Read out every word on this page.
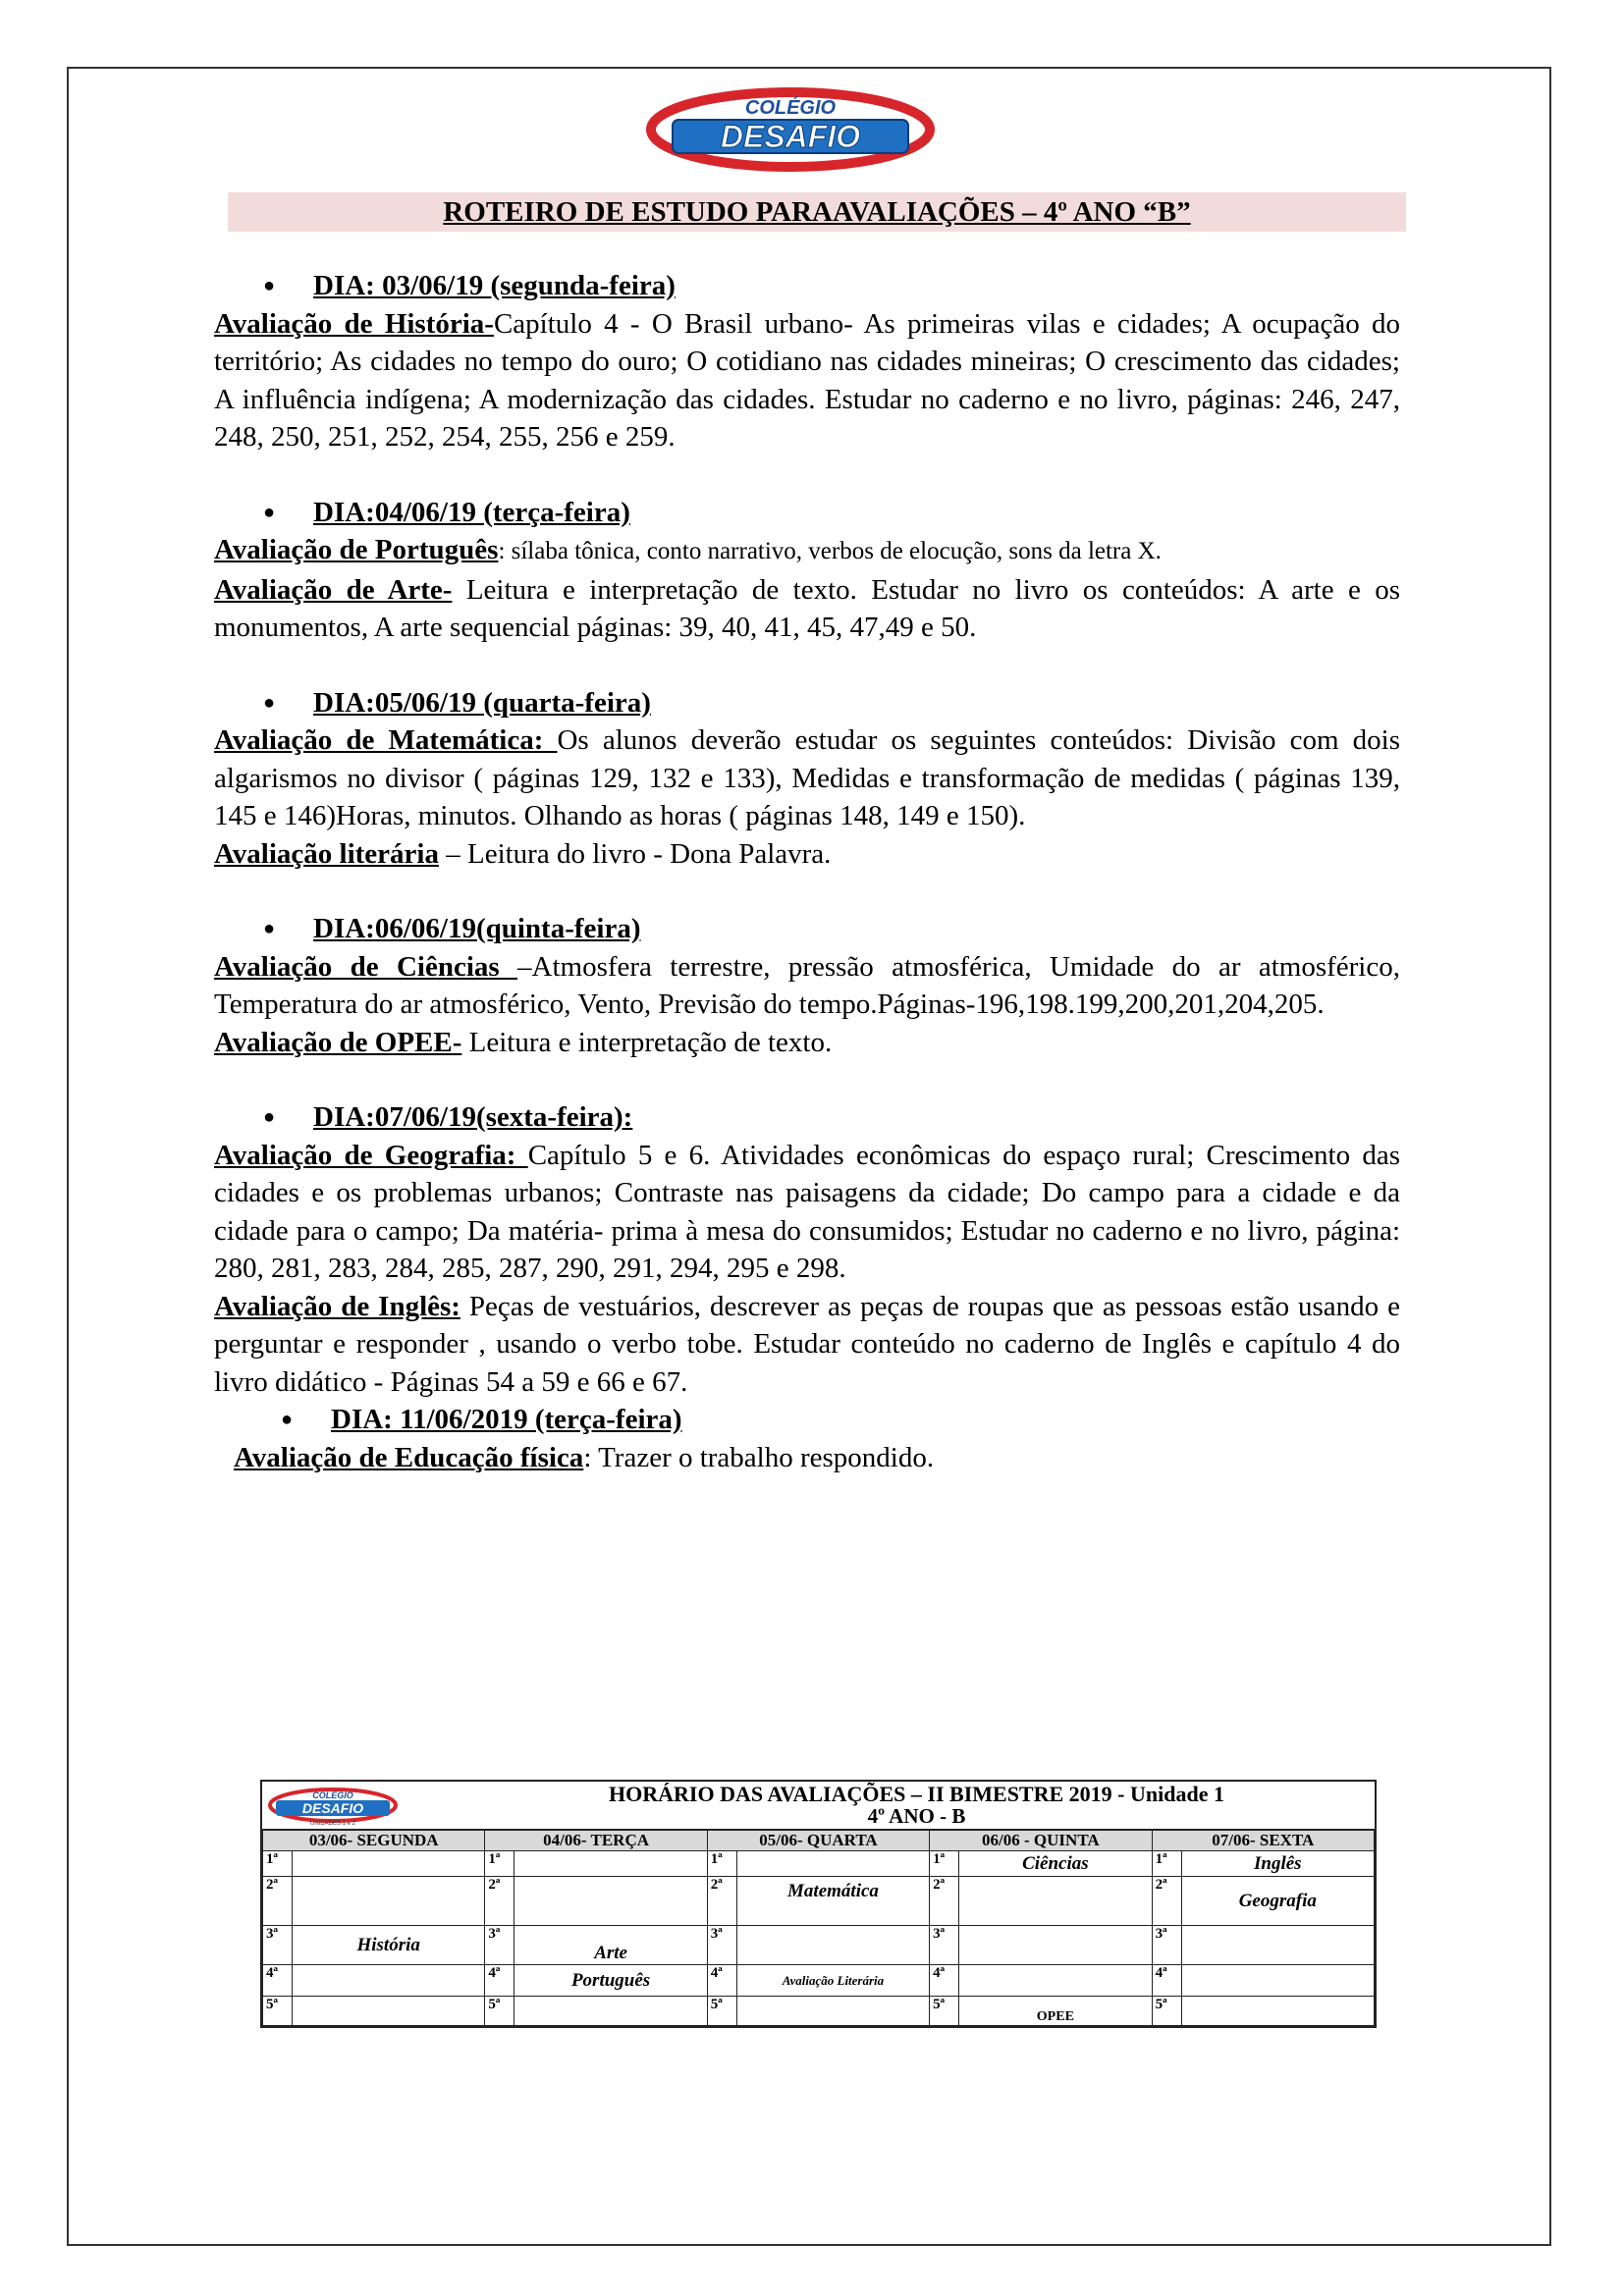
COLÉGIO
DESAFIO
ROTEIRO DE ESTUDO PARAAVALIAÇÕES – 4º ANO “B”
● DIA: 03/06/19 (segunda-feira)

Avaliação de História-Capítulo 4 - O Brasil urbano- As primeiras vilas e cidades; A ocupação do território; As cidades no tempo do ouro; O cotidiano nas cidades mineiras; O crescimento das cidades; A influência indígena; A modernização das cidades. Estudar no caderno e no livro, páginas: 246, 247, 248, 250, 251, 252, 254, 255, 256 e 259.

● DIA:04/06/19 (terça-feira)

Avaliação de Português: sílaba tônica, conto narrativo, verbos de elocução, sons da letra X.

Avaliação de Arte- Leitura e interpretação de texto. Estudar no livro os conteúdos: A arte e os monumentos, A arte sequencial páginas: 39, 40, 41, 45, 47,49 e 50.

● DIA:05/06/19 (quarta-feira)

Avaliação de Matemática: Os alunos deverão estudar os seguintes conteúdos: Divisão com dois algarismos no divisor ( páginas 129, 132 e 133), Medidas e transformação de medidas ( páginas 139, 145 e 146)Horas, minutos. Olhando as horas ( páginas 148, 149 e 150).

Avaliação literária – Leitura do livro - Dona Palavra.

● DIA:06/06/19(quinta-feira)

Avaliação de Ciências –Atmosfera terrestre, pressão atmosférica, Umidade do ar atmosférico, Temperatura do ar atmosférico, Vento, Previsão do tempo.Páginas-196,198.199,200,201,204,205.

Avaliação de OPEE- Leitura e interpretação de texto.

● DIA:07/06/19(sexta-feira):

Avaliação de Geografia: Capítulo 5 e 6. Atividades econômicas do espaço rural; Crescimento das cidades e os problemas urbanos; Contraste nas paisagens da cidade; Do campo para a cidade e da cidade para o campo; Da matéria- prima à mesa do consumidos; Estudar no caderno e no livro, página: 280, 281, 283, 284, 285, 287, 290, 291, 294, 295 e 298.

Avaliação de Inglês: Peças de vestuários, descrever as peças de roupas que as pessoas estão usando e perguntar e responder , usando o verbo tobe. Estudar conteúdo no caderno de Inglês e capítulo 4 do livro didático - Páginas 54 a 59 e 66 e 67.

● DIA: 11/06/2019 (terça-feira)

Avaliação de Educação física: Trazer o trabalho respondido.

COLÉGIO
DESAFIO
UNIDADES 1 e 2
HORÁRIO DAS AVALIAÇÕES – II BIMESTRE 2019 - Unidade 1
4º ANO - B
03/06- SEGUNDA		04/06- TERÇA		05/06- QUARTA		06/06 - QUINTA		07/06- SEXTA	
1ª		1ª		1ª		1ª	Ciências	1ª	Inglês
2ª		2ª		2ª	Matemática	2ª		2ª	Geografia
3ª	História	3ª	Arte	3ª		3ª		3ª	
4ª		4ª	Português	4ª	Avaliação Literária	4ª		4ª	
5ª		5ª		5ª		5ª	OPEE	5ª	
